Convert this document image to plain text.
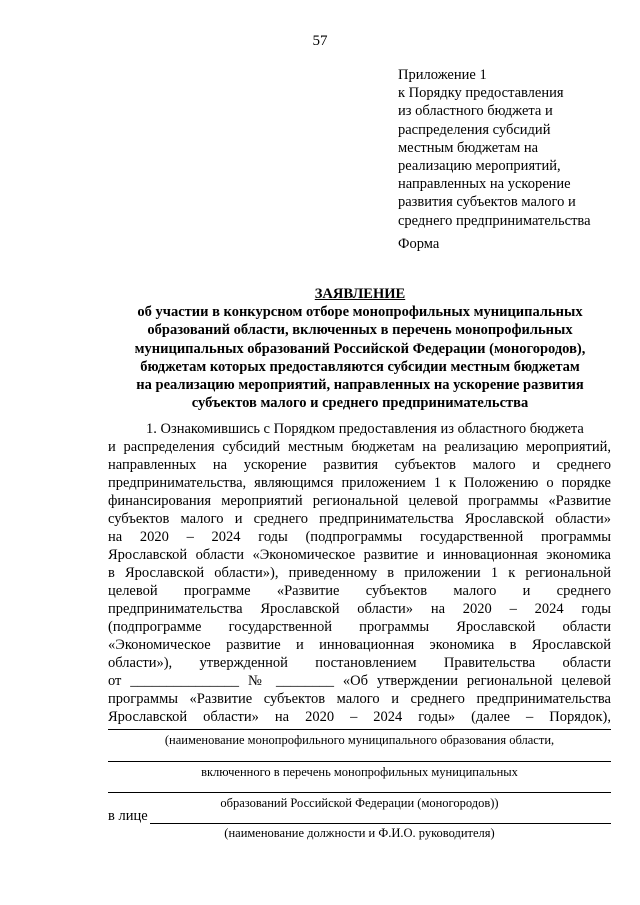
57
Приложение 1
к Порядку предоставления
из областного бюджета и
распределения субсидий
местным бюджетам на
реализацию мероприятий,
направленных на ускорение
развития субъектов малого и
среднего предпринимательства
Форма
ЗАЯВЛЕНИЕ
об участии в конкурсном отборе монопрофильных муниципальных
образований области, включенных в перечень монопрофильных
муниципальных образований Российской Федерации (моногородов),
бюджетам которых предоставляются субсидии местным бюджетам
на реализацию мероприятий, направленных на ускорение развития
субъектов малого и среднего предпринимательства
1. Ознакомившись с Порядком предоставления из областного бюджета
и распределения субсидий местным бюджетам на реализацию мероприятий,
направленных на ускорение развития субъектов малого и среднего
предпринимательства, являющимся приложением 1 к Положению о порядке
финансирования мероприятий региональной целевой программы «Развитие
субъектов малого и среднего предпринимательства Ярославской области»
на 2020 – 2024 годы (подпрограммы государственной программы
Ярославской области «Экономическое развитие и инновационная экономика
в Ярославской области»), приведенному в приложении 1 к региональной
целевой программе «Развитие субъектов малого и среднего
предпринимательства Ярославской области» на 2020 – 2024 годы
(подпрограмме государственной программы Ярославской области
«Экономическое развитие и инновационная экономика в Ярославской
области»), утвержденной постановлением Правительства области
от _______________ № ________ «Об утверждении региональной целевой
программы «Развитие субъектов малого и среднего предпринимательства
Ярославской области» на 2020 – 2024 годы» (далее – Порядок),
(наименование монопрофильного муниципального образования области,
включенного в перечень монопрофильных муниципальных
образований Российской Федерации (моногородов))
в лице
(наименование должности и Ф.И.О. руководителя)
